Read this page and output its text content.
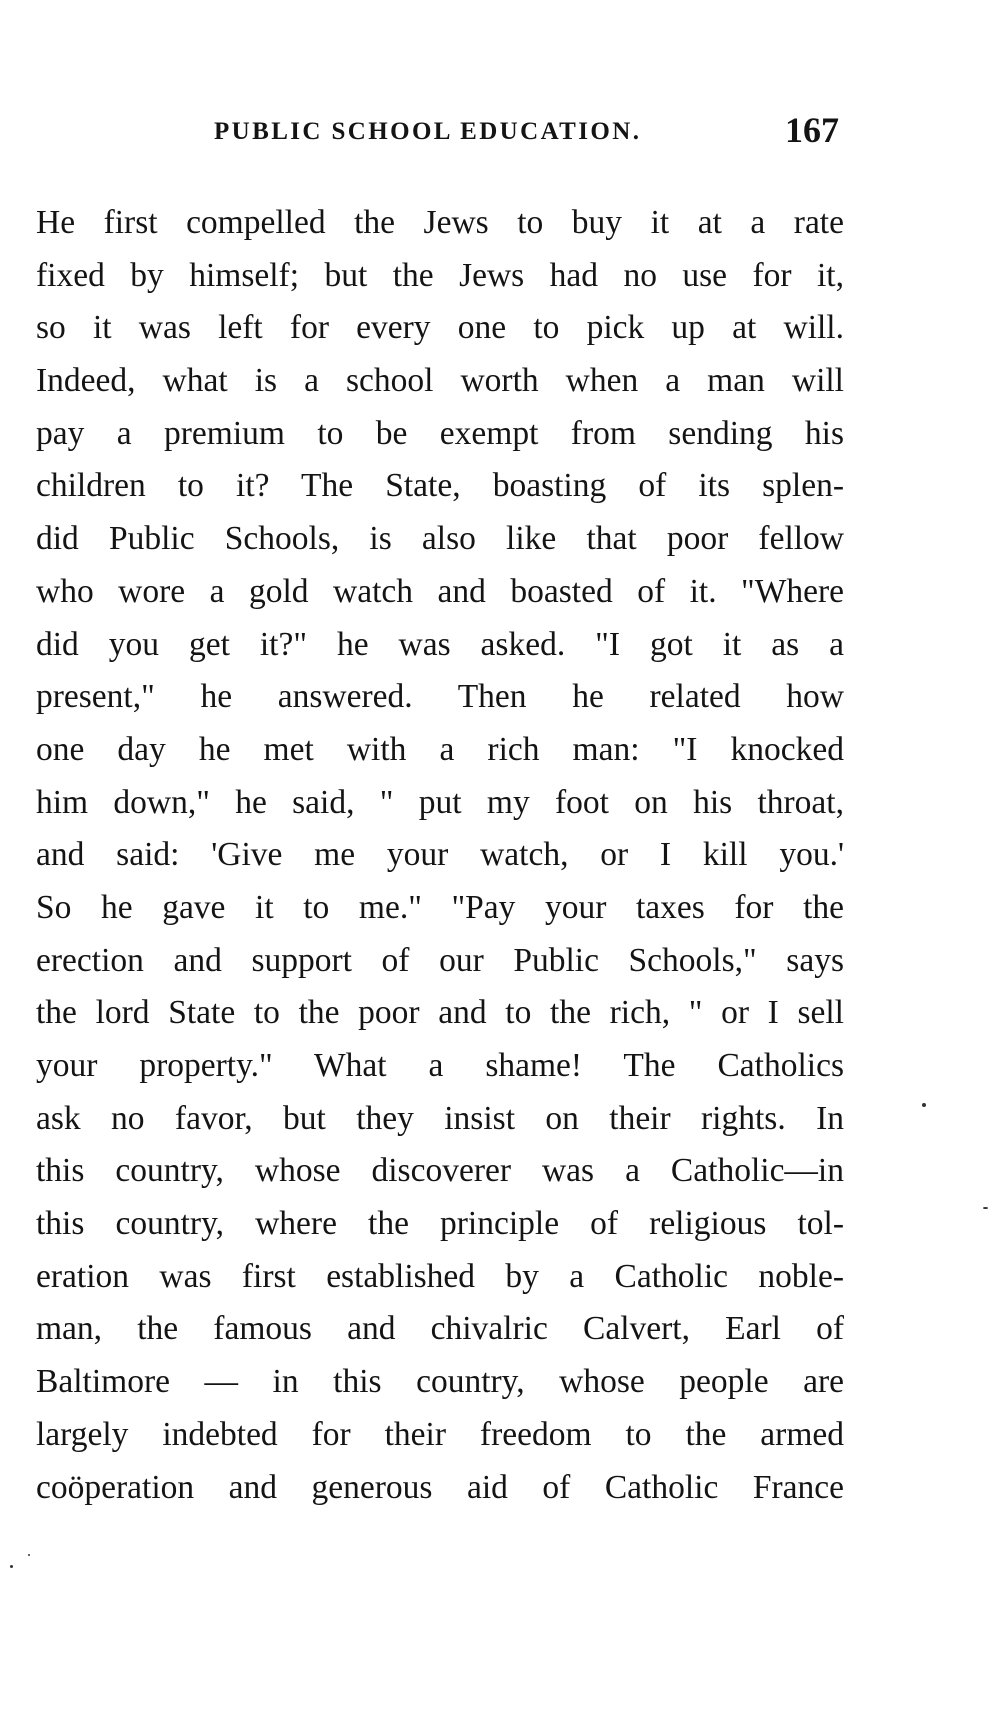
PUBLIC SCHOOL EDUCATION.	167
He first compelled the Jews to buy it at a rate
fixed by himself; but the Jews had no use for it,
so it was left for every one to pick up at will.
Indeed, what is a school worth when a man will
pay a premium to be exempt from sending his
children to it? The State, boasting of its splen-
did Public Schools, is also like that poor fellow
who wore a gold watch and boasted of it. "Where
did you get it?" he was asked. "I got it as a
present," he answered. Then he related how
one day he met with a rich man: "I knocked
him down," he said, " put my foot on his throat,
and said: 'Give me your watch, or I kill you.'
So he gave it to me." "Pay your taxes for the
erection and support of our Public Schools," says
the lord State to the poor and to the rich, " or I sell
your property." What a shame! The Catholics
ask no favor, but they insist on their rights. In
this country, whose discoverer was a Catholic—in
this country, where the principle of religious tol-
eration was first established by a Catholic noble-
man, the famous and chivalric Calvert, Earl of
Baltimore — in this country, whose people are
largely indebted for their freedom to the armed
coöperation and generous aid of Catholic France
